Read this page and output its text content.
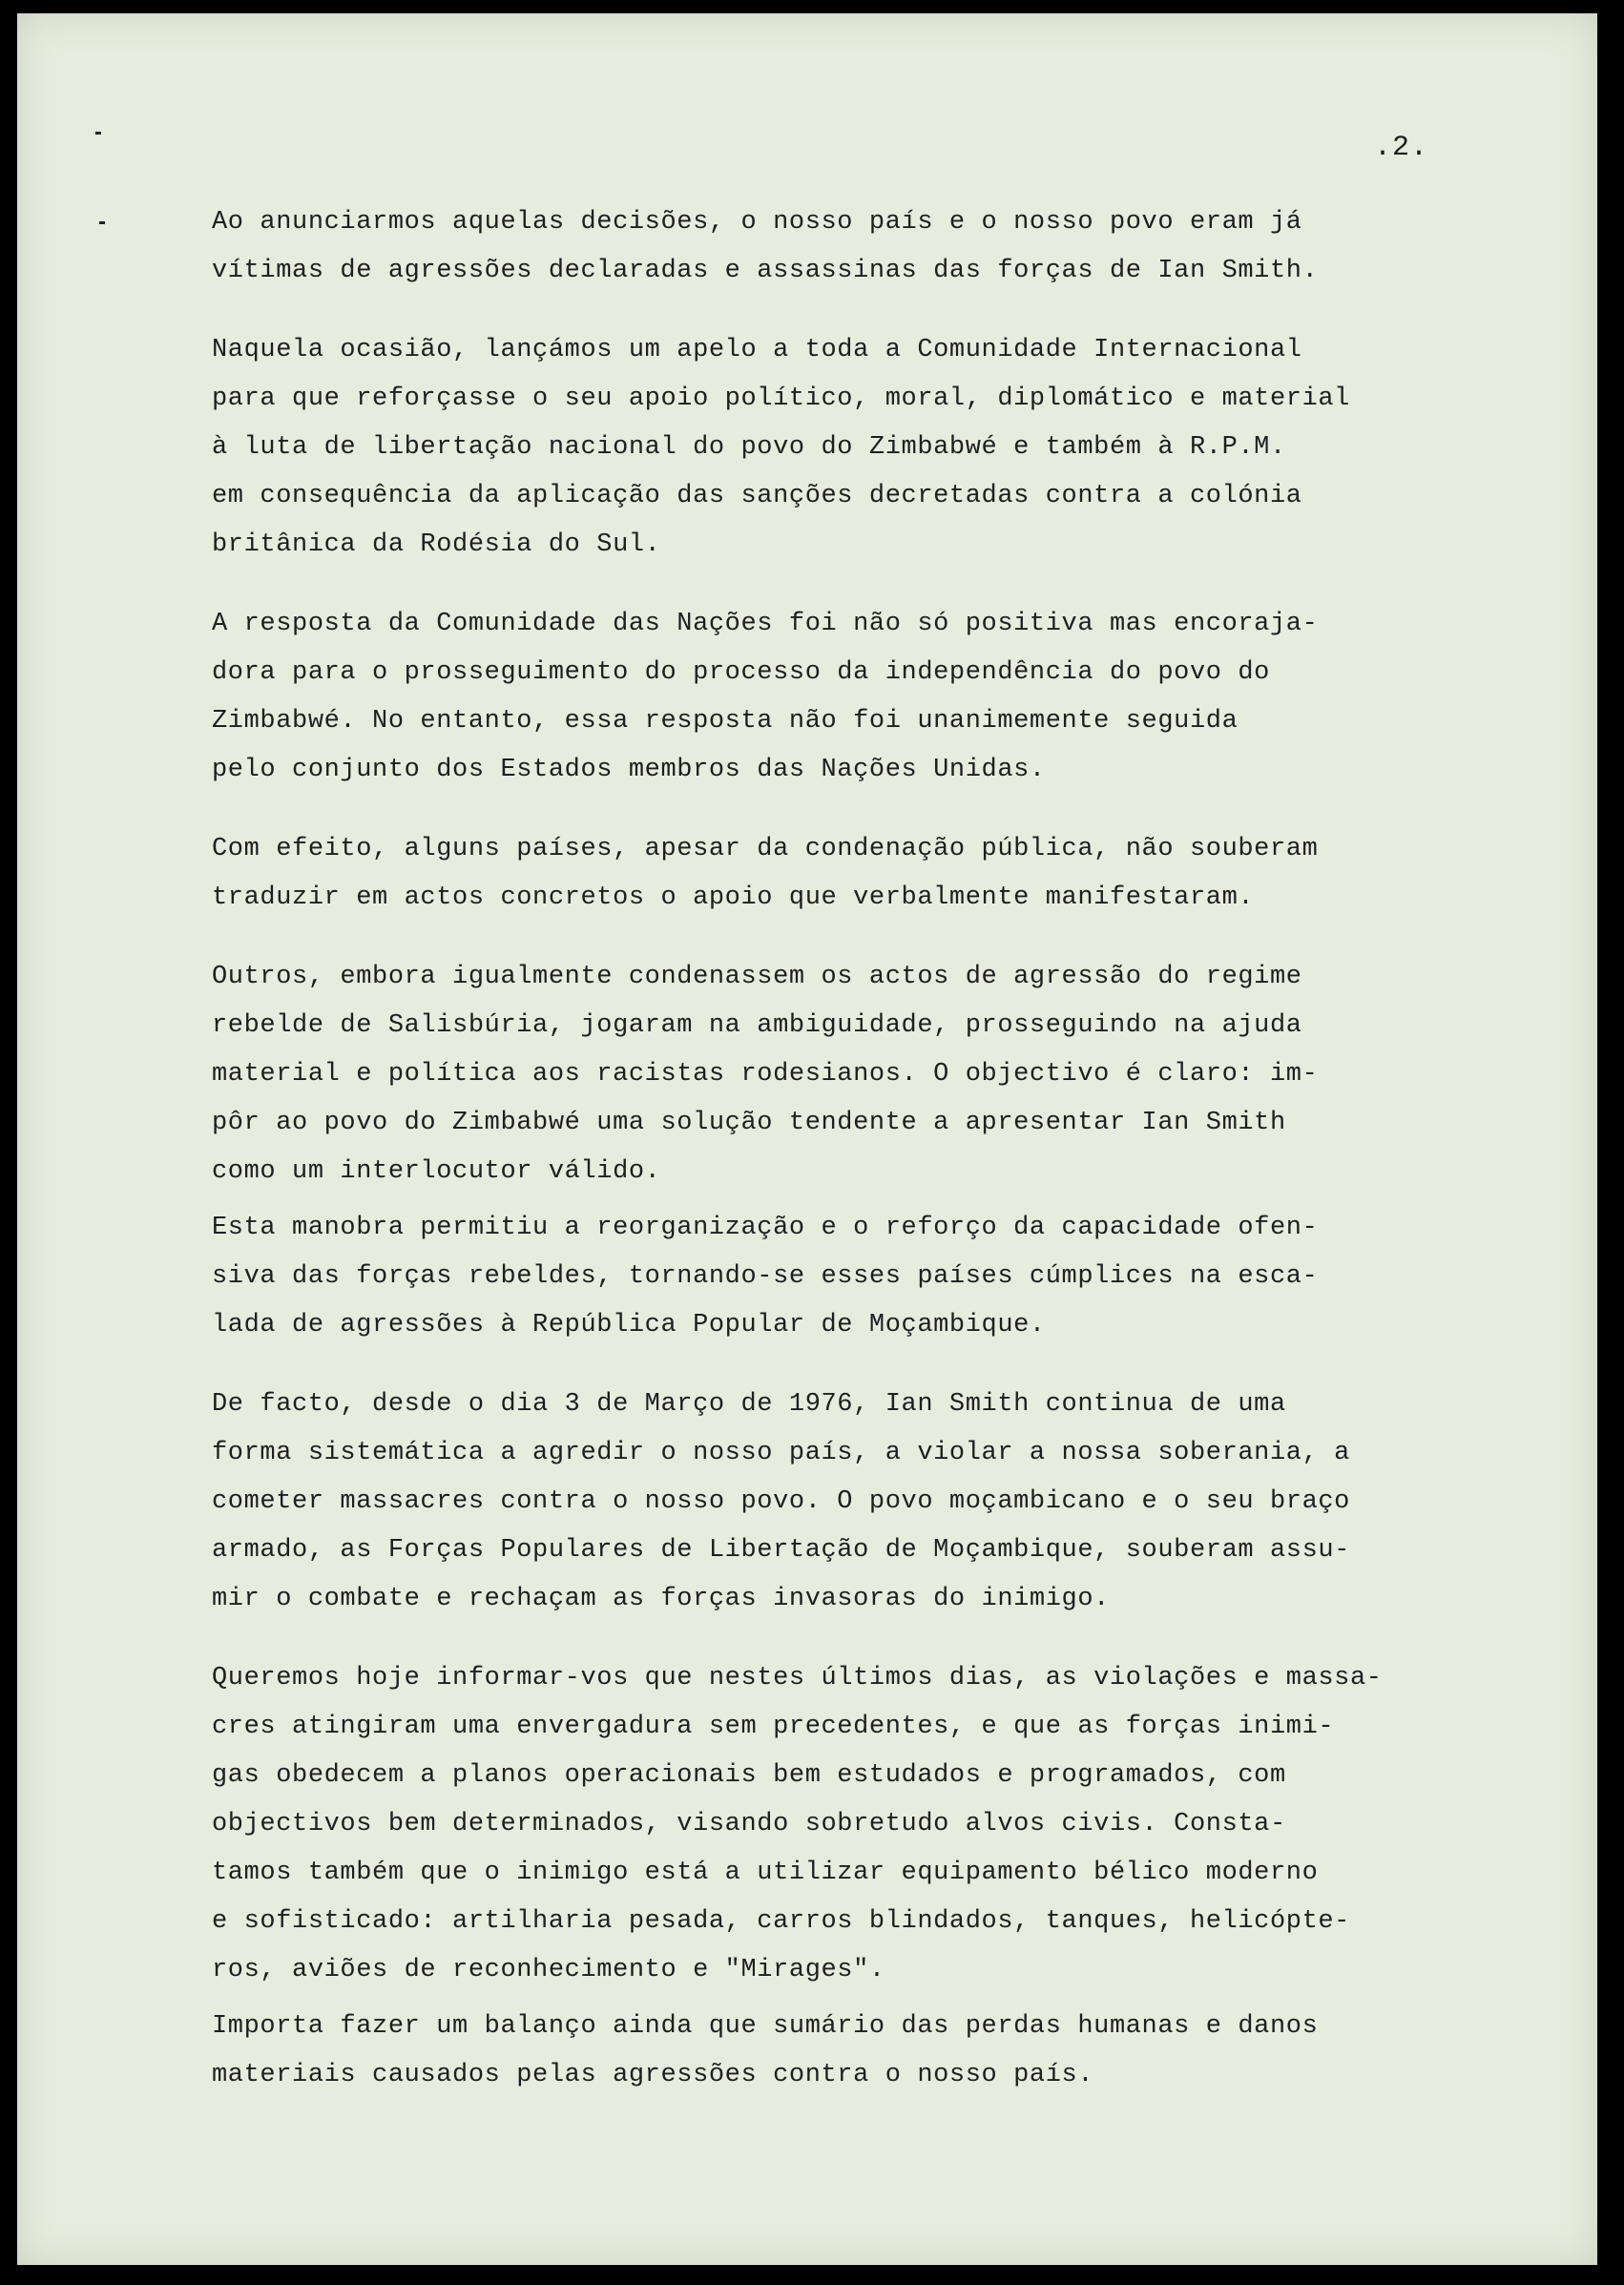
.2.

Ao anunciarmos aquelas decisões, o nosso país e o nosso povo eram já
vítimas de agressões declaradas e assassinas das forças de Ian Smith.

Naquela ocasião, lançámos um apelo a toda a Comunidade Internacional
para que reforçasse o seu apoio político, moral, diplomático e material
à luta de libertação nacional do povo do Zimbabwé e também à R.P.M.
em consequência da aplicação das sanções decretadas contra a colónia
britânica da Rodésia do Sul.

A resposta da Comunidade das Nações foi não só positiva mas encoraja-
dora para o prosseguimento do processo da independência do povo do
Zimbabwé. No entanto, essa resposta não foi unanimemente seguida
pelo conjunto dos Estados membros das Nações Unidas.

Com efeito, alguns países, apesar da condenação pública, não souberam
traduzir em actos concretos o apoio que verbalmente manifestaram.

Outros, embora igualmente condenassem os actos de agressão do regime
rebelde de Salisbúria, jogaram na ambiguidade, prosseguindo na ajuda
material e política aos racistas rodesianos. O objectivo é claro: im-
pôr ao povo do Zimbabwé uma solução tendente a apresentar Ian Smith
como um interlocutor válido.

Esta manobra permitiu a reorganização e o reforço da capacidade ofen-
siva das forças rebeldes, tornando-se esses países cúmplices na esca-
lada de agressões à República Popular de Moçambique.

De facto, desde o dia 3 de Março de 1976, Ian Smith continua de uma
forma sistemática a agredir o nosso país, a violar a nossa soberania, a
cometer massacres contra o nosso povo. O povo moçambicano e o seu braço
armado, as Forças Populares de Libertação de Moçambique, souberam assu-
mir o combate e rechaçam as forças invasoras do inimigo.

Queremos hoje informar-vos que nestes últimos dias, as violações e massa-
cres atingiram uma envergadura sem precedentes, e que as forças inimi-
gas obedecem a planos operacionais bem estudados e programados, com
objectivos bem determinados, visando sobretudo alvos civis. Consta-
tamos também que o inimigo está a utilizar equipamento bélico moderno
e sofisticado: artilharia pesada, carros blindados, tanques, helicópte-
ros, aviões de reconhecimento e "Mirages".

Importa fazer um balanço ainda que sumário das perdas humanas e danos
materiais causados pelas agressões contra o nosso país.
